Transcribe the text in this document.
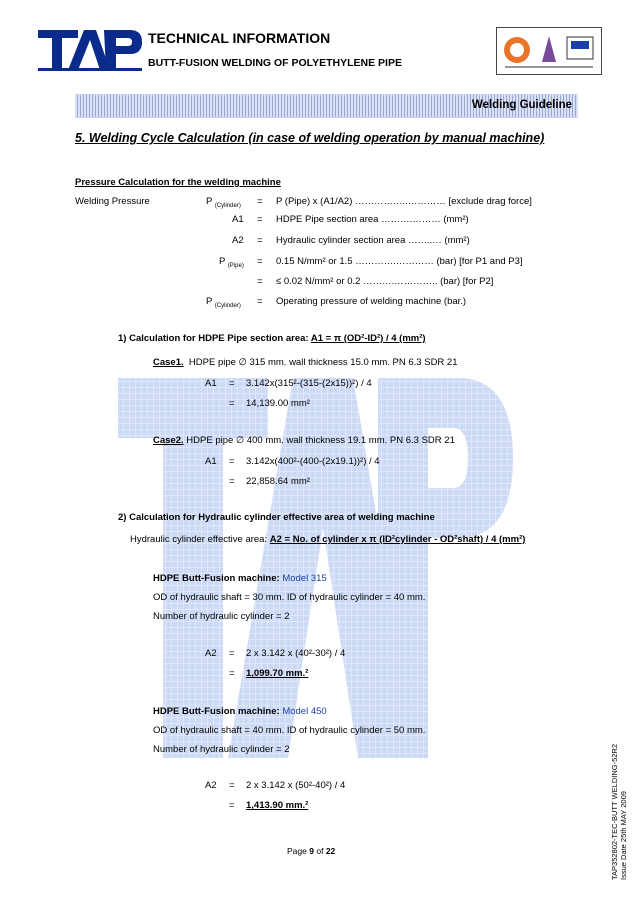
TECHNICAL INFORMATION
BUTT-FUSION WELDING OF POLYETHYLENE PIPE
Welding Guideline
5. Welding Cycle Calculation (in case of welding operation by manual machine)
Pressure Calculation for the welding machine
Welding Pressure	P $_{(Cylinder)}$ = P (Pipe) x (A1/A2) ……………..………… [exclude drag force]
A1 = HDPE Pipe section area ……….……… (mm²)
A2 = Hydraulic cylinder section area ……..… (mm²)
P $_{(Pipe)}$ = 0.15 N/mm² or 1.5 ………….………… (bar) [for P1 and P3]
= ≤ 0.02 N/mm² or 0.2 ……….………….. (bar) [for P2]
P $_{(Cylinder)}$ = Operating pressure of welding machine (bar.)
1) Calculation for HDPE Pipe section area: A1 = π (OD²-ID²) / 4 (mm²)
Case1. HDPE pipe ∅ 315 mm. wall thickness 15.0 mm. PN 6.3 SDR 21
A1 = 3.142x(315²-(315-(2x15))²) / 4
= 14,139.00 mm²
Case2. HDPE pipe ∅ 400 mm. wall thickness 19.1 mm. PN 6.3 SDR 21
A1 = 3.142x(400²-(400-(2x19.1))²) / 4
= 22,858.64 mm²
2) Calculation for Hydraulic cylinder effective area of welding machine
Hydraulic cylinder effective area: A2 = No. of cylinder x π (ID²cylinder - OD²shaft) / 4 (mm²)
HDPE Butt-Fusion machine: Model 315
OD of hydraulic shaft = 30 mm. ID of hydraulic cylinder = 40 mm.
Number of hydraulic cylinder = 2
A2 = 2 x 3.142 x (40²-30²) / 4
= 1,099.70 mm.²
HDPE Butt-Fusion machine: Model 450
OD of hydraulic shaft = 40 mm. ID of hydraulic cylinder = 50 mm.
Number of hydraulic cylinder = 2
A2 = 2 x 3.142 x (50²-40²) / 4
= 1,413.90 mm.²
Page 9 of 22	TAP352802-TEC-BUTT WELDING-52R2
Issue Date 25th MAY 2009
